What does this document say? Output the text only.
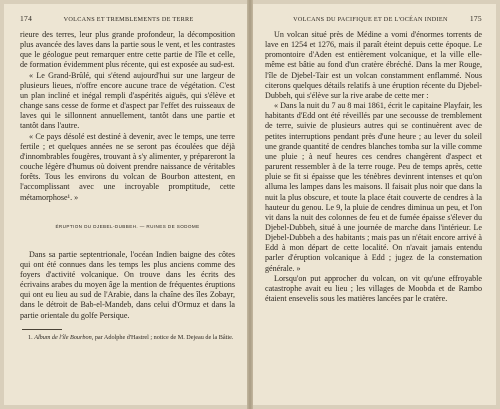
174	VOLCANS ET TREMBLEMENTS DE TERRE

rieure des terres, leur plus grande profondeur, la décomposition plus avancée des laves dans la partie sous le vent, et les contrastes que le géologue peut remarquer entre cette partie de l'île et celle, de formation évidemment plus récente, qui est exposée au sud-est.

« Le Grand-Brûlé, qui s'étend aujourd'hui sur une largeur de plusieurs lieues, n'offre encore aucune trace de végétation. C'est un plan incliné et inégal rempli d'aspérités aiguës, qui s'élève et change sans cesse de forme et d'aspect par l'effet des ruisseaux de laves qui le sillonnent annuellement, tantôt dans une partie et tantôt dans l'autre.

« Ce pays désolé est destiné à devenir, avec le temps, une terre fertile ; et quelques années ne se seront pas écoulées que déjà d'innombrables fougères, trouvant à s'y alimenter, y prépareront la couche légère d'humus où doivent prendre naissance de véritables forêts. Tous les environs du volcan de Bourbon attestent, en l'accomplissant avec une incroyable promptitude, cette métamorphose¹. »

ÉRUPTION DU DJEBEL-DUBBEH. — RUINES DE SODOME

Dans sa partie septentrionale, l'océan Indien baigne des côtes qui ont été connues dans les temps les plus anciens comme des foyers d'activité volcanique. On trouve dans les écrits des écrivains arabes du moyen âge la mention de fréquentes éruptions qui ont eu lieu au sud de l'Arabie, dans la chaîne des îles Zobayr, dans le détroit de Bab-el-Mandeb, dans celui d'Ormuz et dans la partie orientale du golfe Persique.

1. Album de l'île Bourbon, par Adolphe d'Hastrel ; notice de M. Dejeau de la Bâtie.

VOLCANS DU PACIFIQUE ET DE L'OCÉAN INDIEN	175

Un volcan situé près de Médine a vomi d'énormes torrents de lave en 1254 et 1276, mais il paraît éteint depuis cette époque. Le promontoire d'Aden est entièrement volcanique, et la ville elle-même est bâtie au fond d'un cratère ébréché. Dans la mer Rouge, l'île de Djebel-Tair est un volcan constamment enflammé. Nous citerons quelques détails relatifs à une éruption récente du Djebel-Dubbeh, qui s'élève sur la rive arabe de cette mer :

« Dans la nuit du 7 au 8 mai 1861, écrit le capitaine Playfair, les habitants d'Edd ont été réveillés par une secousse de tremblement de terre, suivie de plusieurs autres qui se continuèrent avec de petites interruptions pendant près d'une heure ; au lever du soleil une grande quantité de cendres blanches tomba sur la ville comme une pluie ; à neuf heures ces cendres changèrent d'aspect et parurent ressembler à de la terre rouge. Peu de temps après, cette pluie se fit si épaisse que les ténèbres devinrent intenses et qu'on alluma les lampes dans les maisons. Il faisait plus noir que dans la nuit la plus obscure, et toute la place était couverte de cendres à la hauteur du genou. Le 9, la pluie de cendres diminua un peu, et l'on vit dans la nuit des colonnes de feu et de fumée épaisse s'élever du Djebel-Dubbeh, situé à une journée de marche dans l'intérieur. Le Djebel-Dubbeh a des habitants ; mais pas un n'était encore arrivé à Edd à mon départ de cette localité. On n'avait jamais entendu parler d'éruption volcanique à Edd ; jugez de la consternation générale. »

Lorsqu'on put approcher du volcan, on vit qu'une effroyable catastrophe avait eu lieu ; les villages de Moobda et de Rambo étaient ensevelis sous les matières lancées par le cratère.
